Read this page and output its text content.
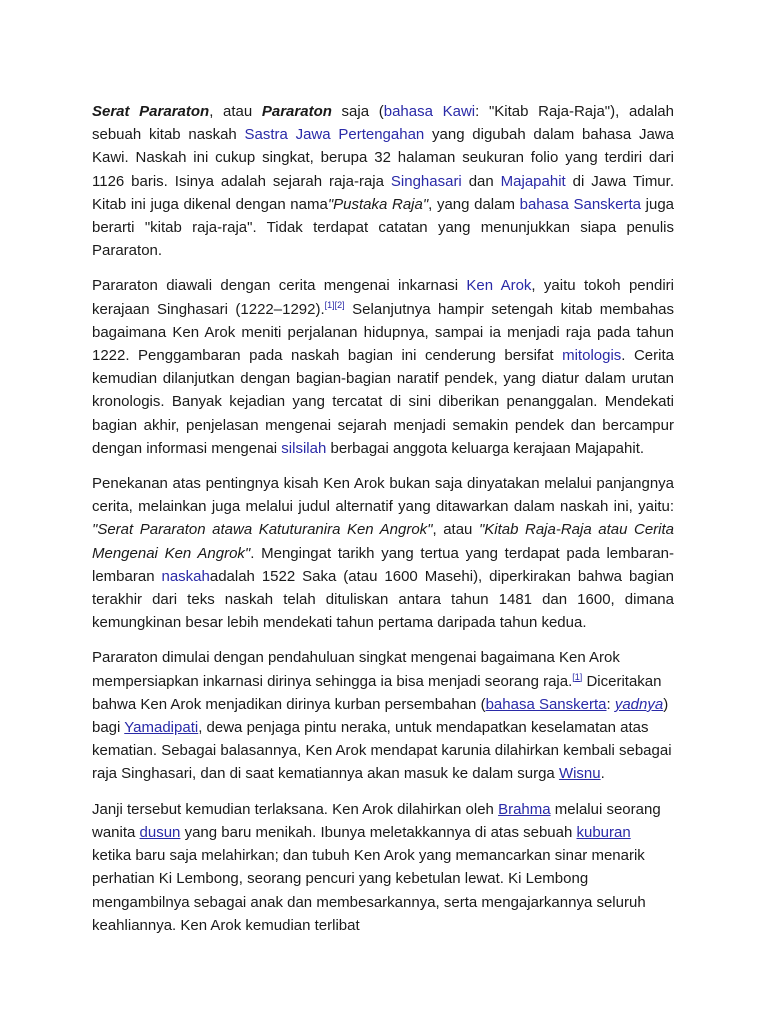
Serat Pararaton, atau Pararaton saja (bahasa Kawi: "Kitab Raja-Raja"), adalah sebuah kitab naskah Sastra Jawa Pertengahan yang digubah dalam bahasa Jawa Kawi. Naskah ini cukup singkat, berupa 32 halaman seukuran folio yang terdiri dari 1126 baris. Isinya adalah sejarah raja-raja Singhasari dan Majapahit di Jawa Timur. Kitab ini juga dikenal dengan nama"Pustaka Raja", yang dalam bahasa Sanskerta juga berarti "kitab raja-raja". Tidak terdapat catatan yang menunjukkan siapa penulis Pararaton.

Pararaton diawali dengan cerita mengenai inkarnasi Ken Arok, yaitu tokoh pendiri kerajaan Singhasari (1222–1292).[1][2] Selanjutnya hampir setengah kitab membahas bagaimana Ken Arok meniti perjalanan hidupnya, sampai ia menjadi raja pada tahun 1222. Penggambaran pada naskah bagian ini cenderung bersifat mitologis. Cerita kemudian dilanjutkan dengan bagian-bagian naratif pendek, yang diatur dalam urutan kronologis. Banyak kejadian yang tercatat di sini diberikan penanggalan. Mendekati bagian akhir, penjelasan mengenai sejarah menjadi semakin pendek dan bercampur dengan informasi mengenai silsilah berbagai anggota keluarga kerajaan Majapahit.

Penekanan atas pentingnya kisah Ken Arok bukan saja dinyatakan melalui panjangnya cerita, melainkan juga melalui judul alternatif yang ditawarkan dalam naskah ini, yaitu: "Serat Pararaton atawa Katuturanira Ken Angrok", atau "Kitab Raja-Raja atau Cerita Mengenai Ken Angrok". Mengingat tarikh yang tertua yang terdapat pada lembaran-lembaran naskahadalah 1522 Saka (atau 1600 Masehi), diperkirakan bahwa bagian terakhir dari teks naskah telah dituliskan antara tahun 1481 dan 1600, dimana kemungkinan besar lebih mendekati tahun pertama daripada tahun kedua.

Pararaton dimulai dengan pendahuluan singkat mengenai bagaimana Ken Arok mempersiapkan inkarnasi dirinya sehingga ia bisa menjadi seorang raja.[1] Diceritakan bahwa Ken Arok menjadikan dirinya kurban persembahan (bahasa Sanskerta: yadnya) bagi Yamadipati, dewa penjaga pintu neraka, untuk mendapatkan keselamatan atas kematian. Sebagai balasannya, Ken Arok mendapat karunia dilahirkan kembali sebagai raja Singhasari, dan di saat kematiannya akan masuk ke dalam surga Wisnu.

Janji tersebut kemudian terlaksana. Ken Arok dilahirkan oleh Brahma melalui seorang wanita dusun yang baru menikah. Ibunya meletakkannya di atas sebuah kuburan ketika baru saja melahirkan; dan tubuh Ken Arok yang memancarkan sinar menarik perhatian Ki Lembong, seorang pencuri yang kebetulan lewat. Ki Lembong mengambilnya sebagai anak dan membesarkannya, serta mengajarkannya seluruh keahliannya. Ken Arok kemudian terlibat
